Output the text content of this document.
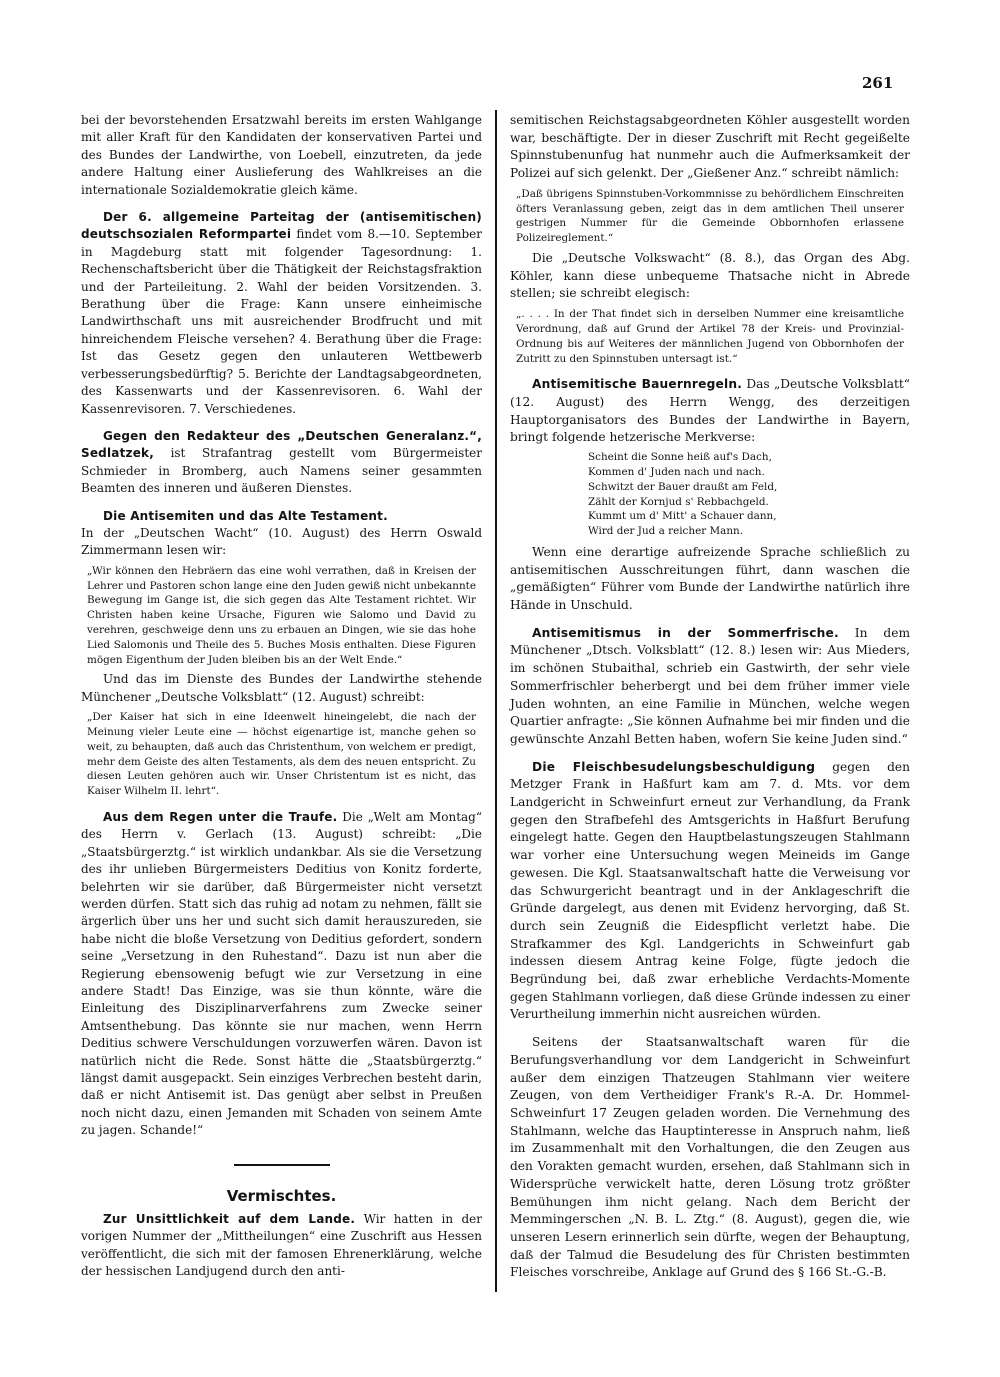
261

bei der bevorstehenden Ersatzwahl bereits im ersten Wahlgange mit aller Kraft für den Kandidaten der konservativen Partei und des Bundes der Landwirthe, von Loebell, einzutreten, da jede andere Haltung einer Auslieferung des Wahlkreises an die internationale Sozialdemokratie gleich käme.

Der 6. allgemeine Parteitag der (antisemitischen) deutschsozialen Reformpartei findet vom 8.—10. September in Magdeburg statt mit folgender Tagesordnung: 1. Rechenschaftsbericht über die Thätigkeit der Reichstagsfraktion und der Parteileitung. 2. Wahl der beiden Vorsitzenden. 3. Berathung über die Frage: Kann unsere einheimische Landwirthschaft uns mit ausreichender Brodfrucht und mit hinreichendem Fleische versehen? 4. Berathung über die Frage: Ist das Gesetz gegen den unlauteren Wettbewerb verbesserungsbedürftig? 5. Berichte der Landtagsabgeordneten, des Kassenwarts und der Kassenrevisoren. 6. Wahl der Kassenrevisoren. 7. Verschiedenes.

Gegen den Redakteur des „Deutschen Generalanz.“, Sedlatzek, ist Strafantrag gestellt vom Bürgermeister Schmieder in Bromberg, auch Namens seiner gesammten Beamten des inneren und äußeren Dienstes.

Die Antisemiten und das Alte Testament.

In der „Deutschen Wacht“ (10. August) des Herrn Oswald Zimmermann lesen wir:

„Wir können den Hebräern das eine wohl verrathen, daß in Kreisen der Lehrer und Pastoren schon lange eine den Juden gewiß nicht unbekannte Bewegung im Gange ist, die sich gegen das Alte Testament richtet. Wir Christen haben keine Ursache, Figuren wie Salomo und David zu verehren, geschweige denn uns zu erbauen an Dingen, wie sie das hohe Lied Salomonis und Theile des 5. Buches Mosis enthalten. Diese Figuren mögen Eigenthum der Juden bleiben bis an der Welt Ende.“

Und das im Dienste des Bundes der Landwirthe stehende Münchener „Deutsche Volksblatt“ (12. August) schreibt:

„Der Kaiser hat sich in eine Ideenwelt hineingelebt, die nach der Meinung vieler Leute eine — höchst eigenartige ist, manche gehen so weit, zu behaupten, daß auch das Christenthum, von welchem er predigt, mehr dem Geiste des alten Testaments, als dem des neuen entspricht. Zu diesen Leuten gehören auch wir. Unser Christentum ist es nicht, das Kaiser Wilhelm II. lehrt“.

Aus dem Regen unter die Traufe. Die „Welt am Montag“ des Herrn v. Gerlach (13. August) schreibt: „Die „Staatsbürgerztg.“ ist wirklich undankbar. Als sie die Versetzung des ihr unlieben Bürgermeisters Deditius von Konitz forderte, belehrten wir sie darüber, daß Bürgermeister nicht versetzt werden dürfen. Statt sich das ruhig ad notam zu nehmen, fällt sie ärgerlich über uns her und sucht sich damit herauszureden, sie habe nicht die bloße Versetzung von Deditius gefordert, sondern seine „Versetzung in den Ruhestand“. Dazu ist nun aber die Regierung ebensowenig befugt wie zur Versetzung in eine andere Stadt! Das Einzige, was sie thun könnte, wäre die Einleitung des Disziplinarverfahrens zum Zwecke seiner Amtsenthebung. Das könnte sie nur machen, wenn Herrn Deditius schwere Verschuldungen vorzuwerfen wären. Davon ist natürlich nicht die Rede. Sonst hätte die „Staatsbürgerztg.“ längst damit ausgepackt. Sein einziges Verbrechen besteht darin, daß er nicht Antisemit ist. Das genügt aber selbst in Preußen noch nicht dazu, einen Jemanden mit Schaden von seinem Amte zu jagen. Schande!“

Vermischtes.

Zur Unsittlichkeit auf dem Lande. Wir hatten in der vorigen Nummer der „Mittheilungen“ eine Zuschrift aus Hessen veröffentlicht, die sich mit der famosen Ehrenerklärung, welche der hessischen Landjugend durch den anti-

semitischen Reichstagsabgeordneten Köhler ausgestellt worden war, beschäftigte. Der in dieser Zuschrift mit Recht gegeißelte Spinnstubenunfug hat nunmehr auch die Aufmerksamkeit der Polizei auf sich gelenkt. Der „Gießener Anz.“ schreibt nämlich:

„Daß übrigens Spinnstuben-Vorkommnisse zu behördlichem Einschreiten öfters Veranlassung geben, zeigt das in dem amtlichen Theil unserer gestrigen Nummer für die Gemeinde Obbornhofen erlassene Polizeireglement.“

Die „Deutsche Volkswacht“ (8. 8.), das Organ des Abg. Köhler, kann diese unbequeme Thatsache nicht in Abrede stellen; sie schreibt elegisch:

„. . . . In der That findet sich in derselben Nummer eine kreisamtliche Verordnung, daß auf Grund der Artikel 78 der Kreis- und Provinzial-Ordnung bis auf Weiteres der männlichen Jugend von Obbornhofen der Zutritt zu den Spinnstuben untersagt ist.“

Antisemitische Bauernregeln. Das „Deutsche Volksblatt“ (12. August) des Herrn Wengg, des derzeitigen Hauptorganisators des Bundes der Landwirthe in Bayern, bringt folgende hetzerische Merkverse:

Scheint die Sonne heiß auf's Dach,
Kommen d' Juden nach und nach.
Schwitzt der Bauer draußt am Feld,
Zählt der Kornjud s' Rebbachgeld.
Kummt um d' Mitt' a Schauer dann,
Wird der Jud a reicher Mann.

Wenn eine derartige aufreizende Sprache schließlich zu antisemitischen Ausschreitungen führt, dann waschen die „gemäßigten“ Führer vom Bunde der Landwirthe natürlich ihre Hände in Unschuld.

Antisemitismus in der Sommerfrische. In dem Münchener „Dtsch. Volksblatt“ (12. 8.) lesen wir: Aus Mieders, im schönen Stubaithal, schrieb ein Gastwirth, der sehr viele Sommerfrischler beherbergt und bei dem früher immer viele Juden wohnten, an eine Familie in München, welche wegen Quartier anfragte: „Sie können Aufnahme bei mir finden und die gewünschte Anzahl Betten haben, wofern Sie keine Juden sind.“

Die Fleischbesudelungsbeschuldigung gegen den Metzger Frank in Haßfurt kam am 7. d. Mts. vor dem Landgericht in Schweinfurt erneut zur Verhandlung, da Frank gegen den Strafbefehl des Amtsgerichts in Haßfurt Berufung eingelegt hatte. Gegen den Hauptbelastungszeugen Stahlmann war vorher eine Untersuchung wegen Meineids im Gange gewesen. Die Kgl. Staatsanwaltschaft hatte die Verweisung vor das Schwurgericht beantragt und in der Anklageschrift die Gründe dargelegt, aus denen mit Evidenz hervorging, daß St. durch sein Zeugniß die Eidespflicht verletzt habe. Die Strafkammer des Kgl. Landgerichts in Schweinfurt gab indessen diesem Antrag keine Folge, fügte jedoch die Begründung bei, daß zwar erhebliche Verdachts-Momente gegen Stahlmann vorliegen, daß diese Gründe indessen zu einer Verurtheilung immerhin nicht ausreichen würden.

Seitens der Staatsanwaltschaft waren für die Berufungsverhandlung vor dem Landgericht in Schweinfurt außer dem einzigen Thatzeugen Stahlmann vier weitere Zeugen, von dem Vertheidiger Frank's R.-A. Dr. Hommel-Schweinfurt 17 Zeugen geladen worden. Die Vernehmung des Stahlmann, welche das Hauptinteresse in Anspruch nahm, ließ im Zusammenhalt mit den Vorhaltungen, die den Zeugen aus den Vorakten gemacht wurden, ersehen, daß Stahlmann sich in Widersprüche verwickelt hatte, deren Lösung trotz größter Bemühungen ihm nicht gelang. Nach dem Bericht der Memmingerschen „N. B. L. Ztg.“ (8. August), gegen die, wie unseren Lesern erinnerlich sein dürfte, wegen der Behauptung, daß der Talmud die Besudelung des für Christen bestimmten Fleisches vorschreibe, Anklage auf Grund des § 166 St.-G.-B.
